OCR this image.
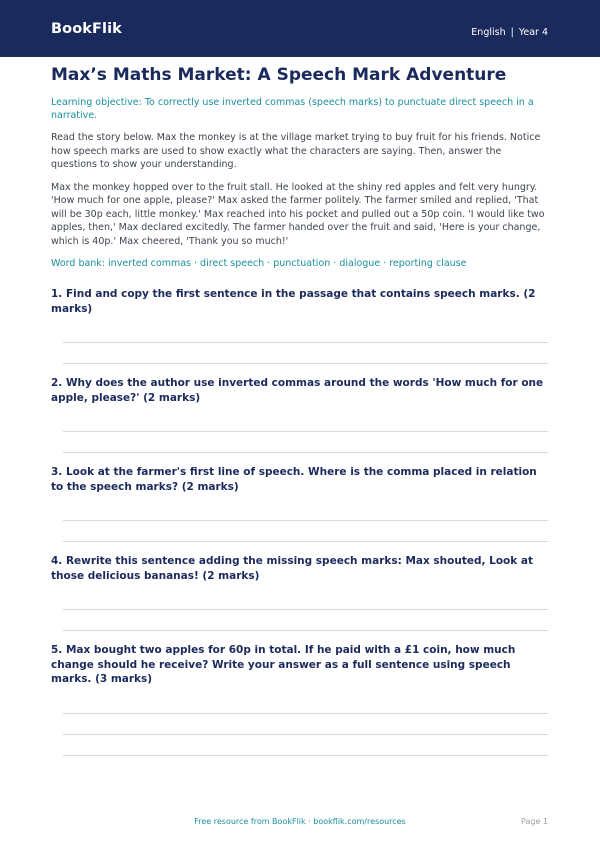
BookFlik	English | Year 4
Max’s Maths Market: A Speech Mark Adventure
Learning objective: To correctly use inverted commas (speech marks) to punctuate direct speech in a narrative.
Read the story below. Max the monkey is at the village market trying to buy fruit for his friends. Notice how speech marks are used to show exactly what the characters are saying. Then, answer the questions to show your understanding.
Max the monkey hopped over to the fruit stall. He looked at the shiny red apples and felt very hungry. 'How much for one apple, please?' Max asked the farmer politely. The farmer smiled and replied, 'That will be 30p each, little monkey.' Max reached into his pocket and pulled out a 50p coin. 'I would like two apples, then,' Max declared excitedly. The farmer handed over the fruit and said, 'Here is your change, which is 40p.' Max cheered, 'Thank you so much!'
Word bank: inverted commas · direct speech · punctuation · dialogue · reporting clause
1. Find and copy the first sentence in the passage that contains speech marks. (2 marks)
2. Why does the author use inverted commas around the words 'How much for one apple, please?' (2 marks)
3. Look at the farmer's first line of speech. Where is the comma placed in relation to the speech marks? (2 marks)
4. Rewrite this sentence adding the missing speech marks: Max shouted, Look at those delicious bananas! (2 marks)
5. Max bought two apples for 60p in total. If he paid with a £1 coin, how much change should he receive? Write your answer as a full sentence using speech marks. (3 marks)
Free resource from BookFlik · bookflik.com/resources	Page 1
